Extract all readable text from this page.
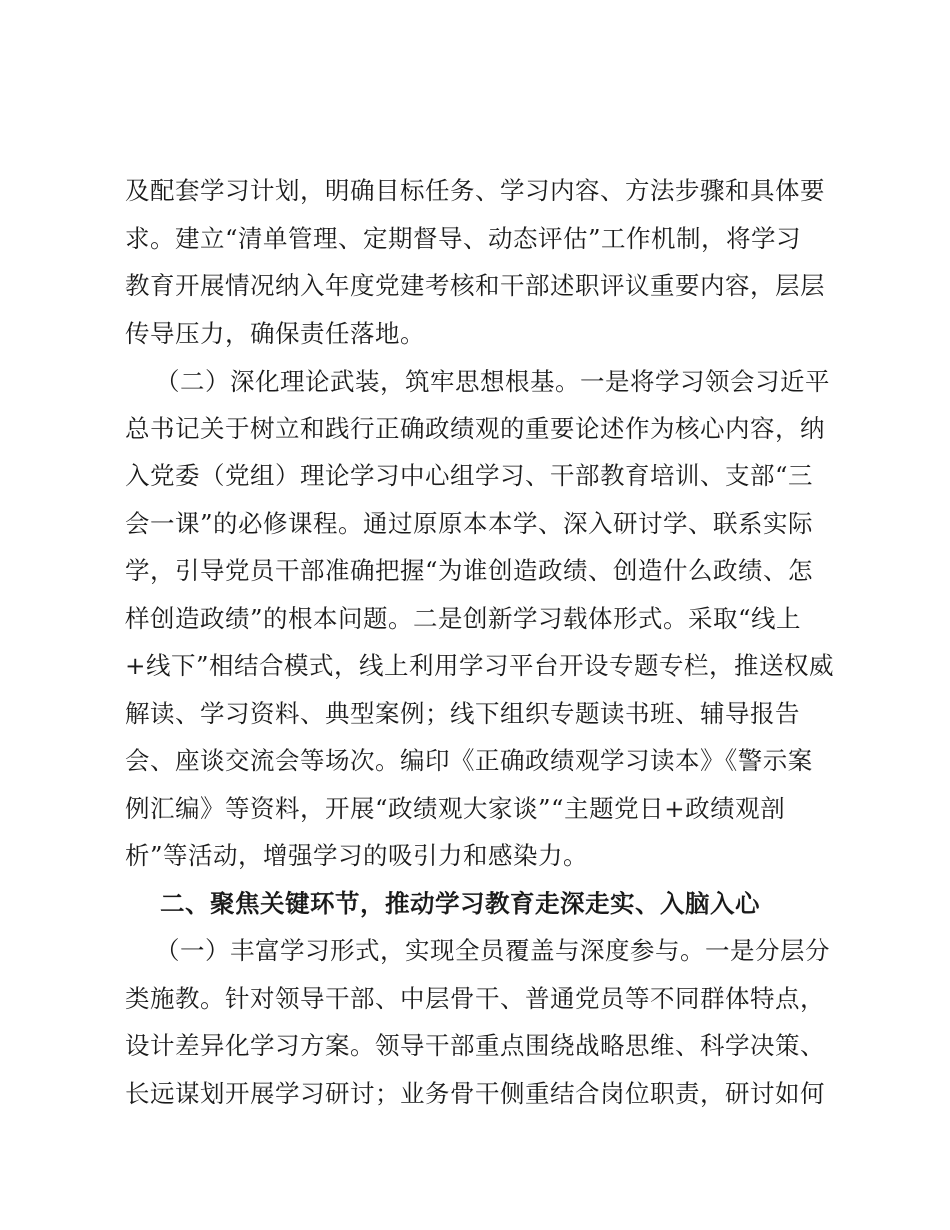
及配套学习计划，明确目标任务、学习内容、方法步骤和具体要
求。建立“清单管理、定期督导、动态评估”工作机制，将学习
教育开展情况纳入年度党建考核和干部述职评议重要内容，层层
传导压力，确保责任落地。
（二）深化理论武装，筑牢思想根基。一是将学习领会习近平
总书记关于树立和践行正确政绩观的重要论述作为核心内容，纳
入党委（党组）理论学习中心组学习、干部教育培训、支部“三
会一课”的必修课程。通过原原本本学、深入研讨学、联系实际
学，引导党员干部准确把握“为谁创造政绩、创造什么政绩、怎
样创造政绩”的根本问题。二是创新学习载体形式。采取“线上
+线下”相结合模式，线上利用学习平台开设专题专栏，推送权威
解读、学习资料、典型案例；线下组织专题读书班、辅导报告
会、座谈交流会等场次。编印《正确政绩观学习读本》《警示案
例汇编》等资料，开展“政绩观大家谈”“主题党日+政绩观剖
析”等活动，增强学习的吸引力和感染力。
二、聚焦关键环节，推动学习教育走深走实、入脑入心
（一）丰富学习形式，实现全员覆盖与深度参与。一是分层分
类施教。针对领导干部、中层骨干、普通党员等不同群体特点，
设计差异化学习方案。领导干部重点围绕战略思维、科学决策、
长远谋划开展学习研讨；业务骨干侧重结合岗位职责，研讨如何
